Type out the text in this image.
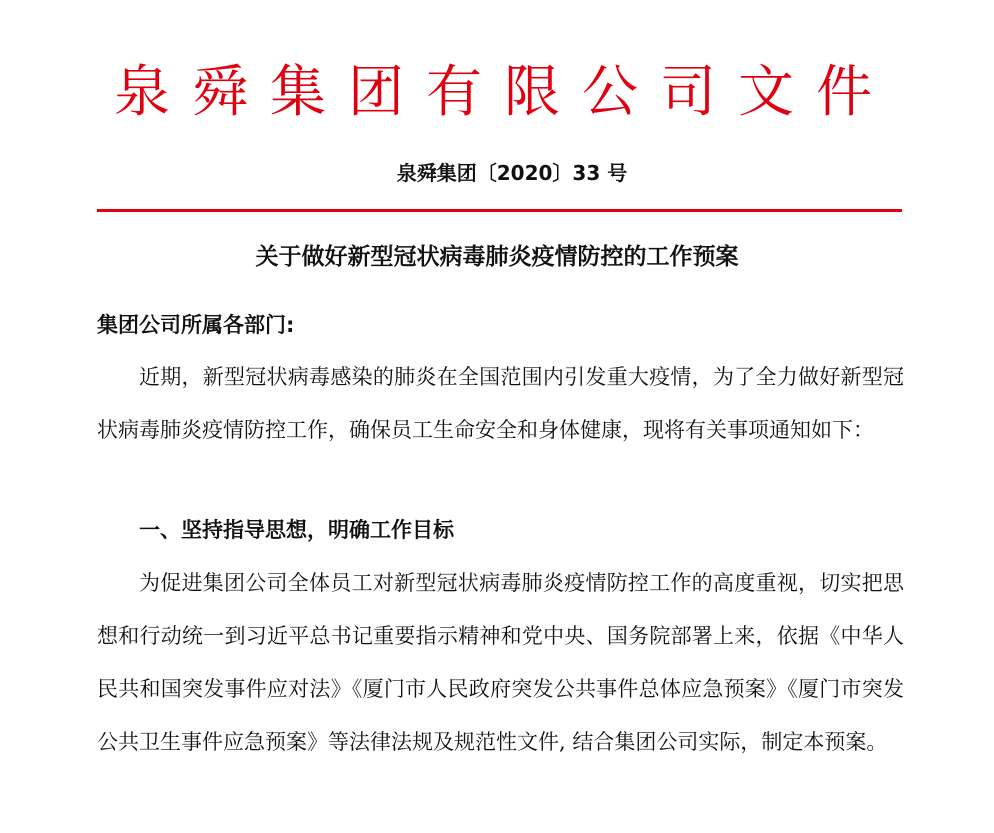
泉舜集团有限公司文件
泉舜集团〔2020〕33 号
关于做好新型冠状病毒肺炎疫情防控的工作预案
集团公司所属各部门:

近期，新型冠状病毒感染的肺炎在全国范围内引发重大疫情，为了全力做好新型冠状病毒肺炎疫情防控工作，确保员工生命安全和身体健康，现将有关事项通知如下：

一、坚持指导思想，明确工作目标

为促进集团公司全体员工对新型冠状病毒肺炎疫情防控工作的高度重视，切实把思想和行动统一到习近平总书记重要指示精神和党中央、国务院部署上来，依据《中华人民共和国突发事件应对法》《厦门市人民政府突发公共事件总体应急预案》《厦门市突发公共卫生事件应急预案》等法律法规及规范性文件, 结合集团公司实际，制定本预案。
